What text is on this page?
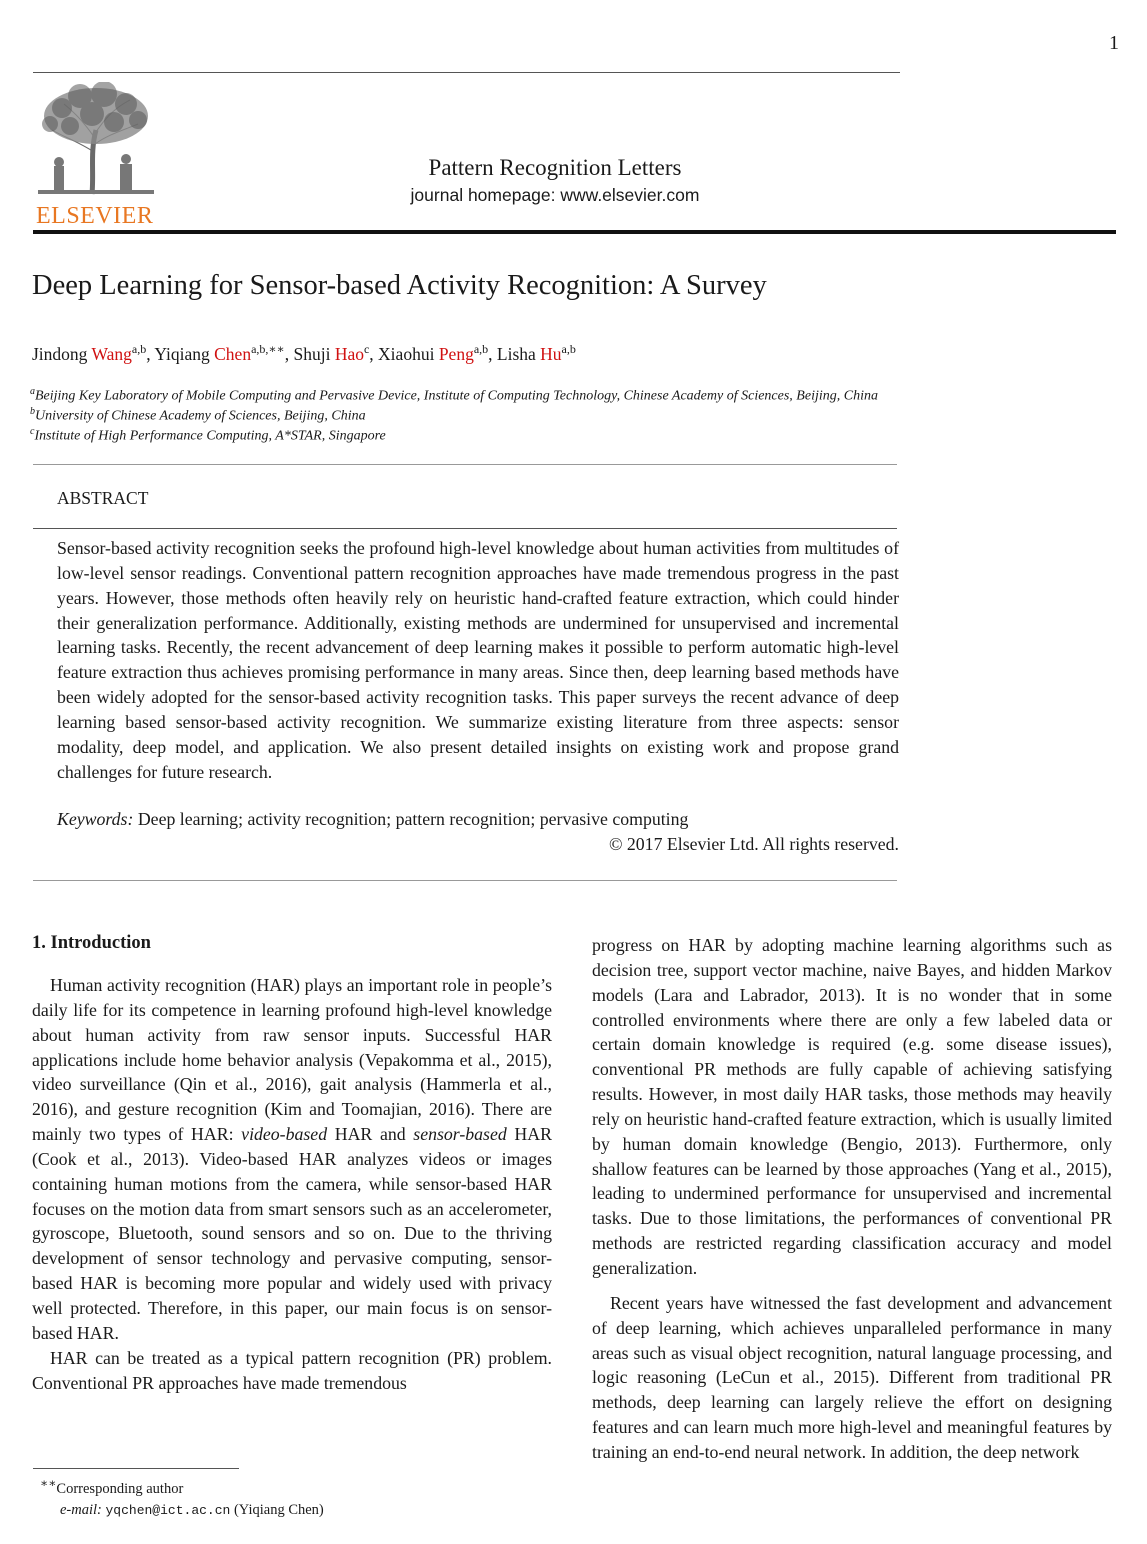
1
ELSEVIER
Pattern Recognition Letters
journal homepage: www.elsevier.com
Deep Learning for Sensor-based Activity Recognition: A Survey
Jindong Wang$^{a,b}$, Yiqiang Chen$^{a,b,∗∗}$, Shuji Hao$^c$, Xiaohui Peng$^{a,b}$, Lisha Hu$^{a,b}$
$^a$Beijing Key Laboratory of Mobile Computing and Pervasive Device, Institute of Computing Technology, Chinese Academy of Sciences, Beijing, China
$^b$University of Chinese Academy of Sciences, Beijing, China
$^c$Institute of High Performance Computing, A*STAR, Singapore
ABSTRACT
Sensor-based activity recognition seeks the profound high-level knowledge about human activities from multitudes of low-level sensor readings. Conventional pattern recognition approaches have made tremendous progress in the past years. However, those methods often heavily rely on heuristic hand-crafted feature extraction, which could hinder their generalization performance. Additionally, existing methods are undermined for unsupervised and incremental learning tasks. Recently, the recent advancement of deep learning makes it possible to perform automatic high-level feature extraction thus achieves promising performance in many areas. Since then, deep learning based methods have been widely adopted for the sensor-based activity recognition tasks. This paper surveys the recent advance of deep learning based sensor-based activity recognition. We summarize existing literature from three aspects: sensor modality, deep model, and application. We also present detailed insights on existing work and propose grand challenges for future research.
Keywords: Deep learning; activity recognition; pattern recognition; pervasive computing
© 2017 Elsevier Ltd. All rights reserved.
1. Introduction

Human activity recognition (HAR) plays an important role in people’s daily life for its competence in learning profound high-level knowledge about human activity from raw sensor inputs. Successful HAR applications include home behavior analysis (Vepakomma et al., 2015), video surveillance (Qin et al., 2016), gait analysis (Hammerla et al., 2016), and gesture recognition (Kim and Toomajian, 2016). There are mainly two types of HAR: video-based HAR and sensor-based HAR (Cook et al., 2013). Video-based HAR analyzes videos or images containing human motions from the camera, while sensor-based HAR focuses on the motion data from smart sensors such as an accelerometer, gyroscope, Bluetooth, sound sensors and so on. Due to the thriving development of sensor technology and pervasive computing, sensor-based HAR is becoming more popular and widely used with privacy well protected. Therefore, in this paper, our main focus is on sensor-based HAR.

HAR can be treated as a typical pattern recognition (PR) problem. Conventional PR approaches have made tremendous

progress on HAR by adopting machine learning algorithms such as decision tree, support vector machine, naive Bayes, and hidden Markov models (Lara and Labrador, 2013). It is no wonder that in some controlled environments where there are only a few labeled data or certain domain knowledge is required (e.g. some disease issues), conventional PR methods are fully capable of achieving satisfying results. However, in most daily HAR tasks, those methods may heavily rely on heuristic hand-crafted feature extraction, which is usually limited by human domain knowledge (Bengio, 2013). Furthermore, only shallow features can be learned by those approaches (Yang et al., 2015), leading to undermined performance for unsupervised and incremental tasks. Due to those limitations, the performances of conventional PR methods are restricted regarding classification accuracy and model generalization.

Recent years have witnessed the fast development and advancement of deep learning, which achieves unparalleled performance in many areas such as visual object recognition, natural language processing, and logic reasoning (LeCun et al., 2015). Different from traditional PR methods, deep learning can largely relieve the effort on designing features and can learn much more high-level and meaningful features by training an end-to-end neural network. In addition, the deep network

∗∗Corresponding author
e-mail: yqchen@ict.ac.cn (Yiqiang Chen)
